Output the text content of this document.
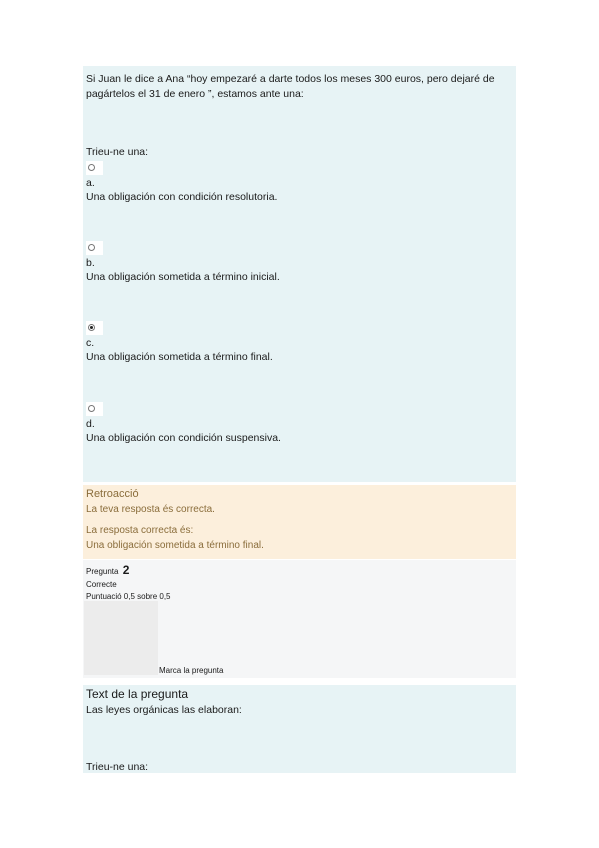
Si Juan le dice a Ana “hoy empezaré a darte todos los meses 300 euros, pero dejaré de pagártelos el 31 de enero ”, estamos ante una:
Trieu-ne una:
a.
Una obligación con condición resolutoria.
b.
Una obligación sometida a término inicial.
c.
Una obligación sometida a término final.
d.
Una obligación con condición suspensiva.
Retroacció
La teva resposta és correcta.
La resposta correcta és:
Una obligación sometida a término final.
Pregunta 2
Correcte
Puntuació 0,5 sobre 0,5
Marca la pregunta
Text de la pregunta
Las leyes orgánicas las elaboran:
Trieu-ne una:
